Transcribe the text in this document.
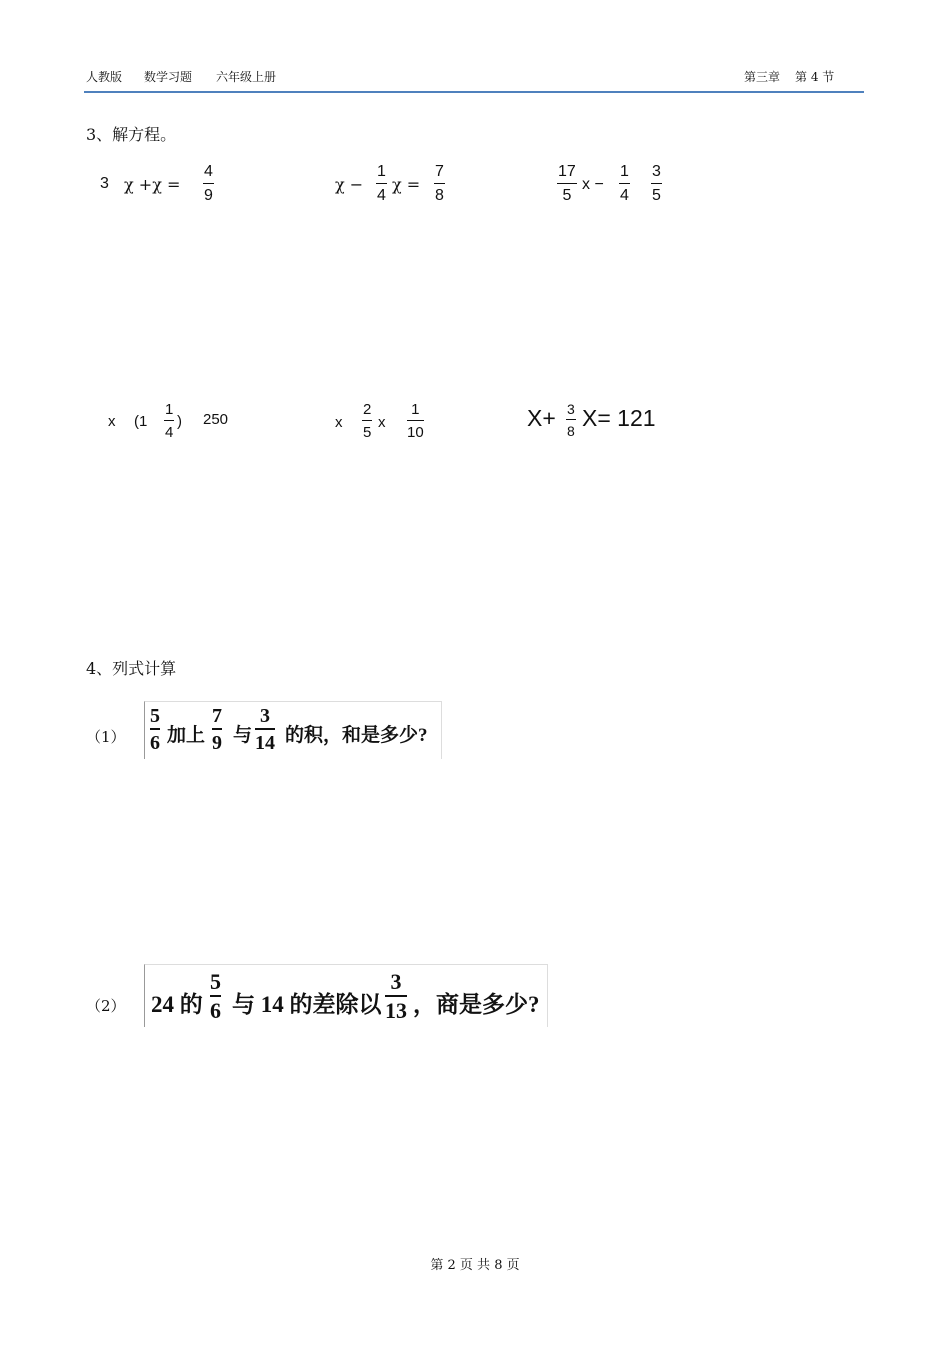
人教版 数学习题 六年级上册	第三章 第 4 节
3、解方程。
3 χ +χ =
4
9
χ −
1
4
χ =
7
8
17
5
x −
1
4
3
5
x (1
1
4
) 250	x
2
5
x
1
10
X+ 3
8 X= 121
4、列式计算
（1）
5
6 加上
7
9 与
3
14 的积，和是多少?
（2） 24 的
5
6 与 14 的差除以
3
13 ，商是多少?
第 2 页 共 8 页
